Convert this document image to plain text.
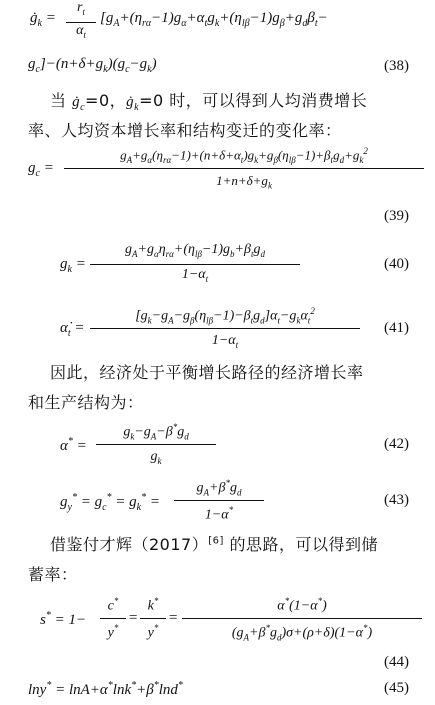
$ġ_k$ =
$r_t$
$\alpha_t$
[$g_A+(\eta_{r\alpha}-1)g_\alpha+\alpha_tg_k+(\eta_{l\beta}-1)g_\beta+g_d\beta_t-$
$g_c]-(n+\delta+g_k)(g_c-g_k)$	(38)
当 $ġ_c=0$，$ġ_k=0$ 时，可以得到人均消费增长
率、人均资本增长率和结构变迁的变化率：
$g_c$ =
$g_A+g_\alpha(\eta_{r\alpha}-1)+(n+\delta+\alpha_t)g_k+g_\beta(\eta_{l\beta}-1)+\beta_tg_d+g_k^2$
$1+n+\delta+g_k$
(39)
$g_k$ =
$g_A+g_\alpha\eta_{r\alpha}+(\eta_{l\beta}-1)g_b+\beta_tg_d$
$1-\alpha_t$
(40)
$\alphȧ_t$ =
$[g_k-g_A-g_\beta(\eta_{l\beta}-1)-\beta_tg_d]\alpha_t-g_k\alpha_t^2$
$1-\alpha_t$
(41)
因此，经济处于平衡增长路径的经济增长率
和生产结构为：
α* =
$g_k-g_A-\beta^*g_d$
$g_k$
(42)
$g_y^* = g_c^* = g_k^*$ =
$g_A+\beta^*g_d$
1−α*
(43)
借鉴付才辉（2017）[6] 的思路，可以得到储
蓄率：
s* = 1−
c*
y*
=
k*
y*
=
α*(1−α*)
$(g_A+\beta^*g_d)\sigma+(\rho+\delta)(1-\alpha^*)$
(44)
lny* = lnA+α*lnk*+β*lnd*	(45)
